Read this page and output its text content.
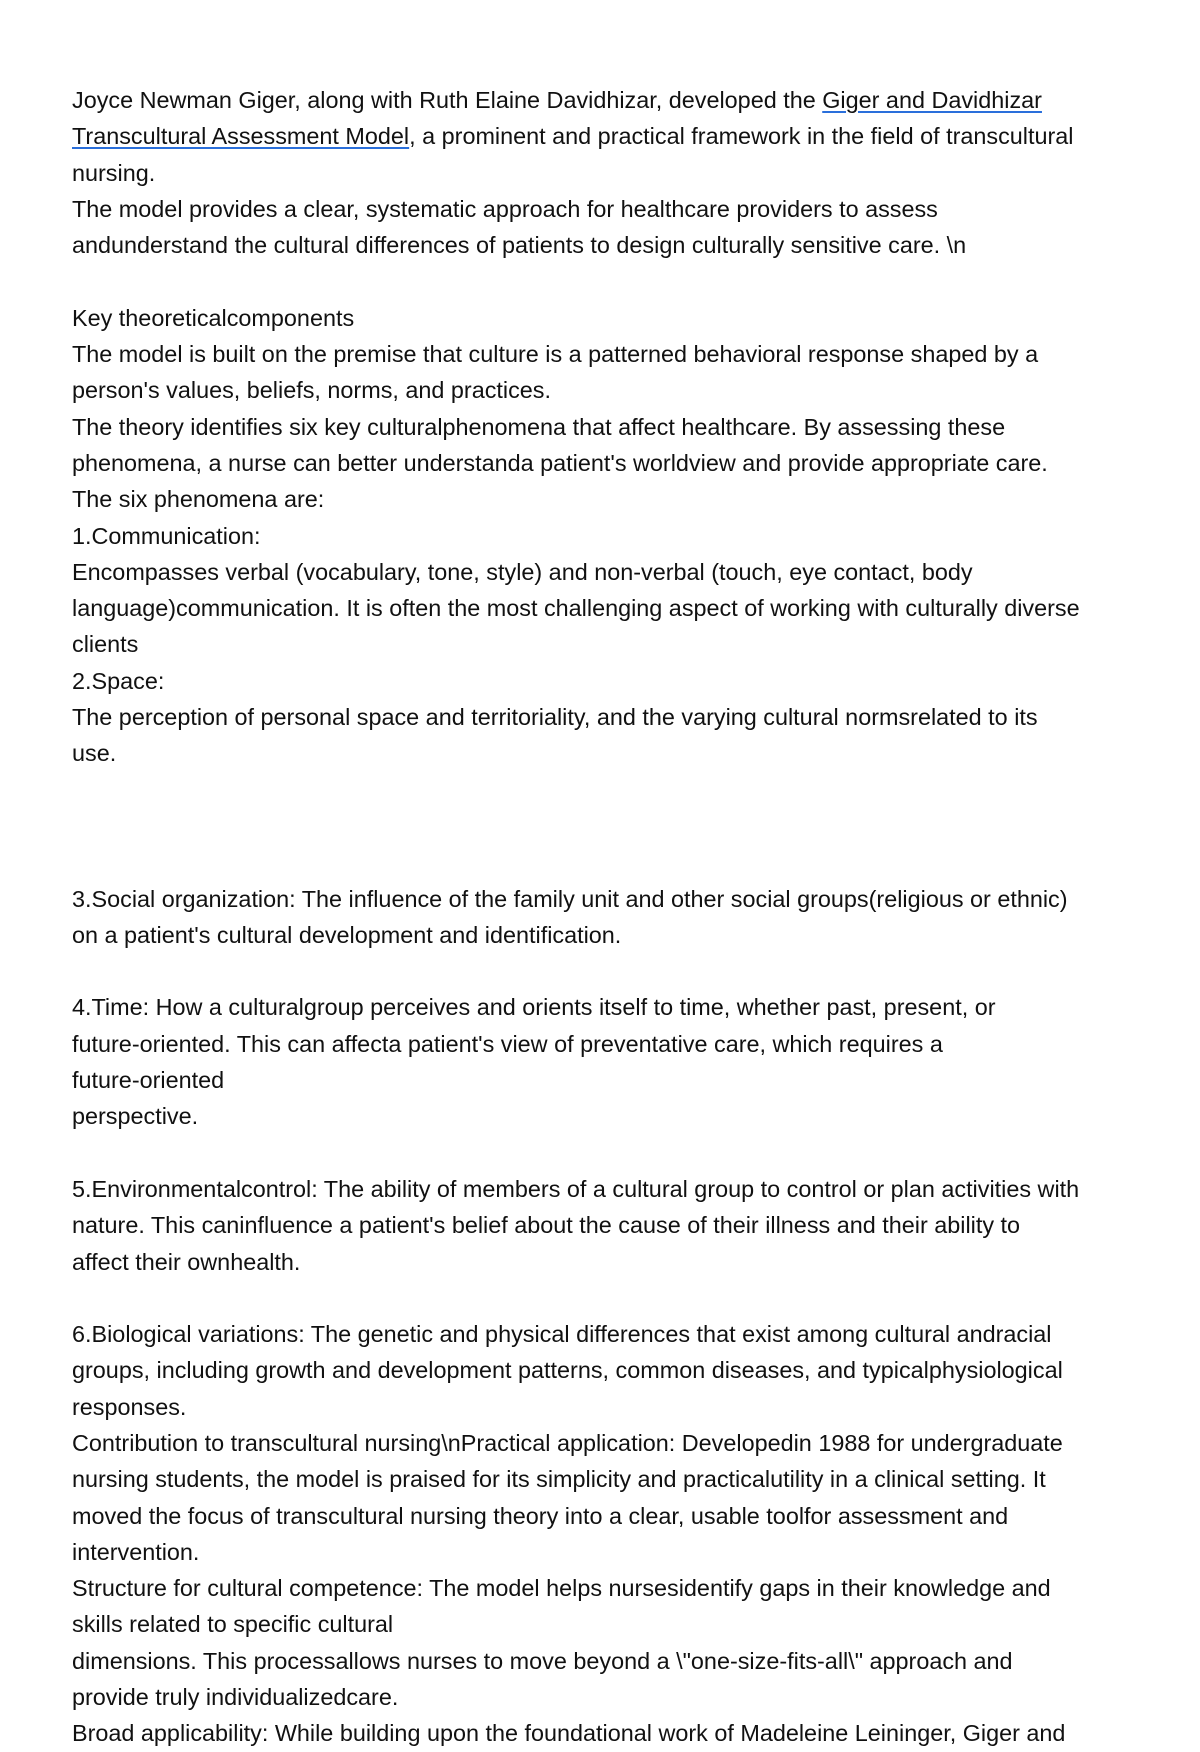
Joyce Newman Giger, along with Ruth Elaine Davidhizar, developed the Giger and Davidhizar
Transcultural Assessment Model, a prominent and practical framework in the field of transcultural
nursing.
The model provides a clear, systematic approach for healthcare providers to assess
andunderstand the cultural differences of patients to design culturally sensitive care. \n
Key theoreticalcomponents
The model is built on the premise that culture is a patterned behavioral response shaped by a
person's values, beliefs, norms, and practices.
The theory identifies six key culturalphenomena that affect healthcare. By assessing these
phenomena, a nurse can better understanda patient's worldview and provide appropriate care.
The six phenomena are:
1.Communication:
Encompasses verbal (vocabulary, tone, style) and non-verbal (touch, eye contact, body
language)communication. It is often the most challenging aspect of working with culturally diverse
clients
2.Space:
The perception of personal space and territoriality, and the varying cultural normsrelated to its
use.
3.Social organization: The influence of the family unit and other social groups(religious or ethnic)
on a patient's cultural development and identification.
4.Time: How a culturalgroup perceives and orients itself to time, whether past, present, or
future-oriented. This can affecta patient's view of preventative care, which requires a
future-oriented
perspective.
5.Environmentalcontrol: The ability of members of a cultural group to control or plan activities with
nature. This caninfluence a patient's belief about the cause of their illness and their ability to
affect their ownhealth.
6.Biological variations: The genetic and physical differences that exist among cultural andracial
groups, including growth and development patterns, common diseases, and typicalphysiological
responses.
Contribution to transcultural nursing\nPractical application: Developedin 1988 for undergraduate
nursing students, the model is praised for its simplicity and practicalutility in a clinical setting. It
moved the focus of transcultural nursing theory into a clear, usable toolfor assessment and
intervention.
Structure for cultural competence: The model helps nursesidentify gaps in their knowledge and
skills related to specific cultural
dimensions. This processallows nurses to move beyond a \"one-size-fits-all\" approach and
provide truly individualizedcare.
Broad applicability: While building upon the foundational work of Madeleine Leininger, Giger and
